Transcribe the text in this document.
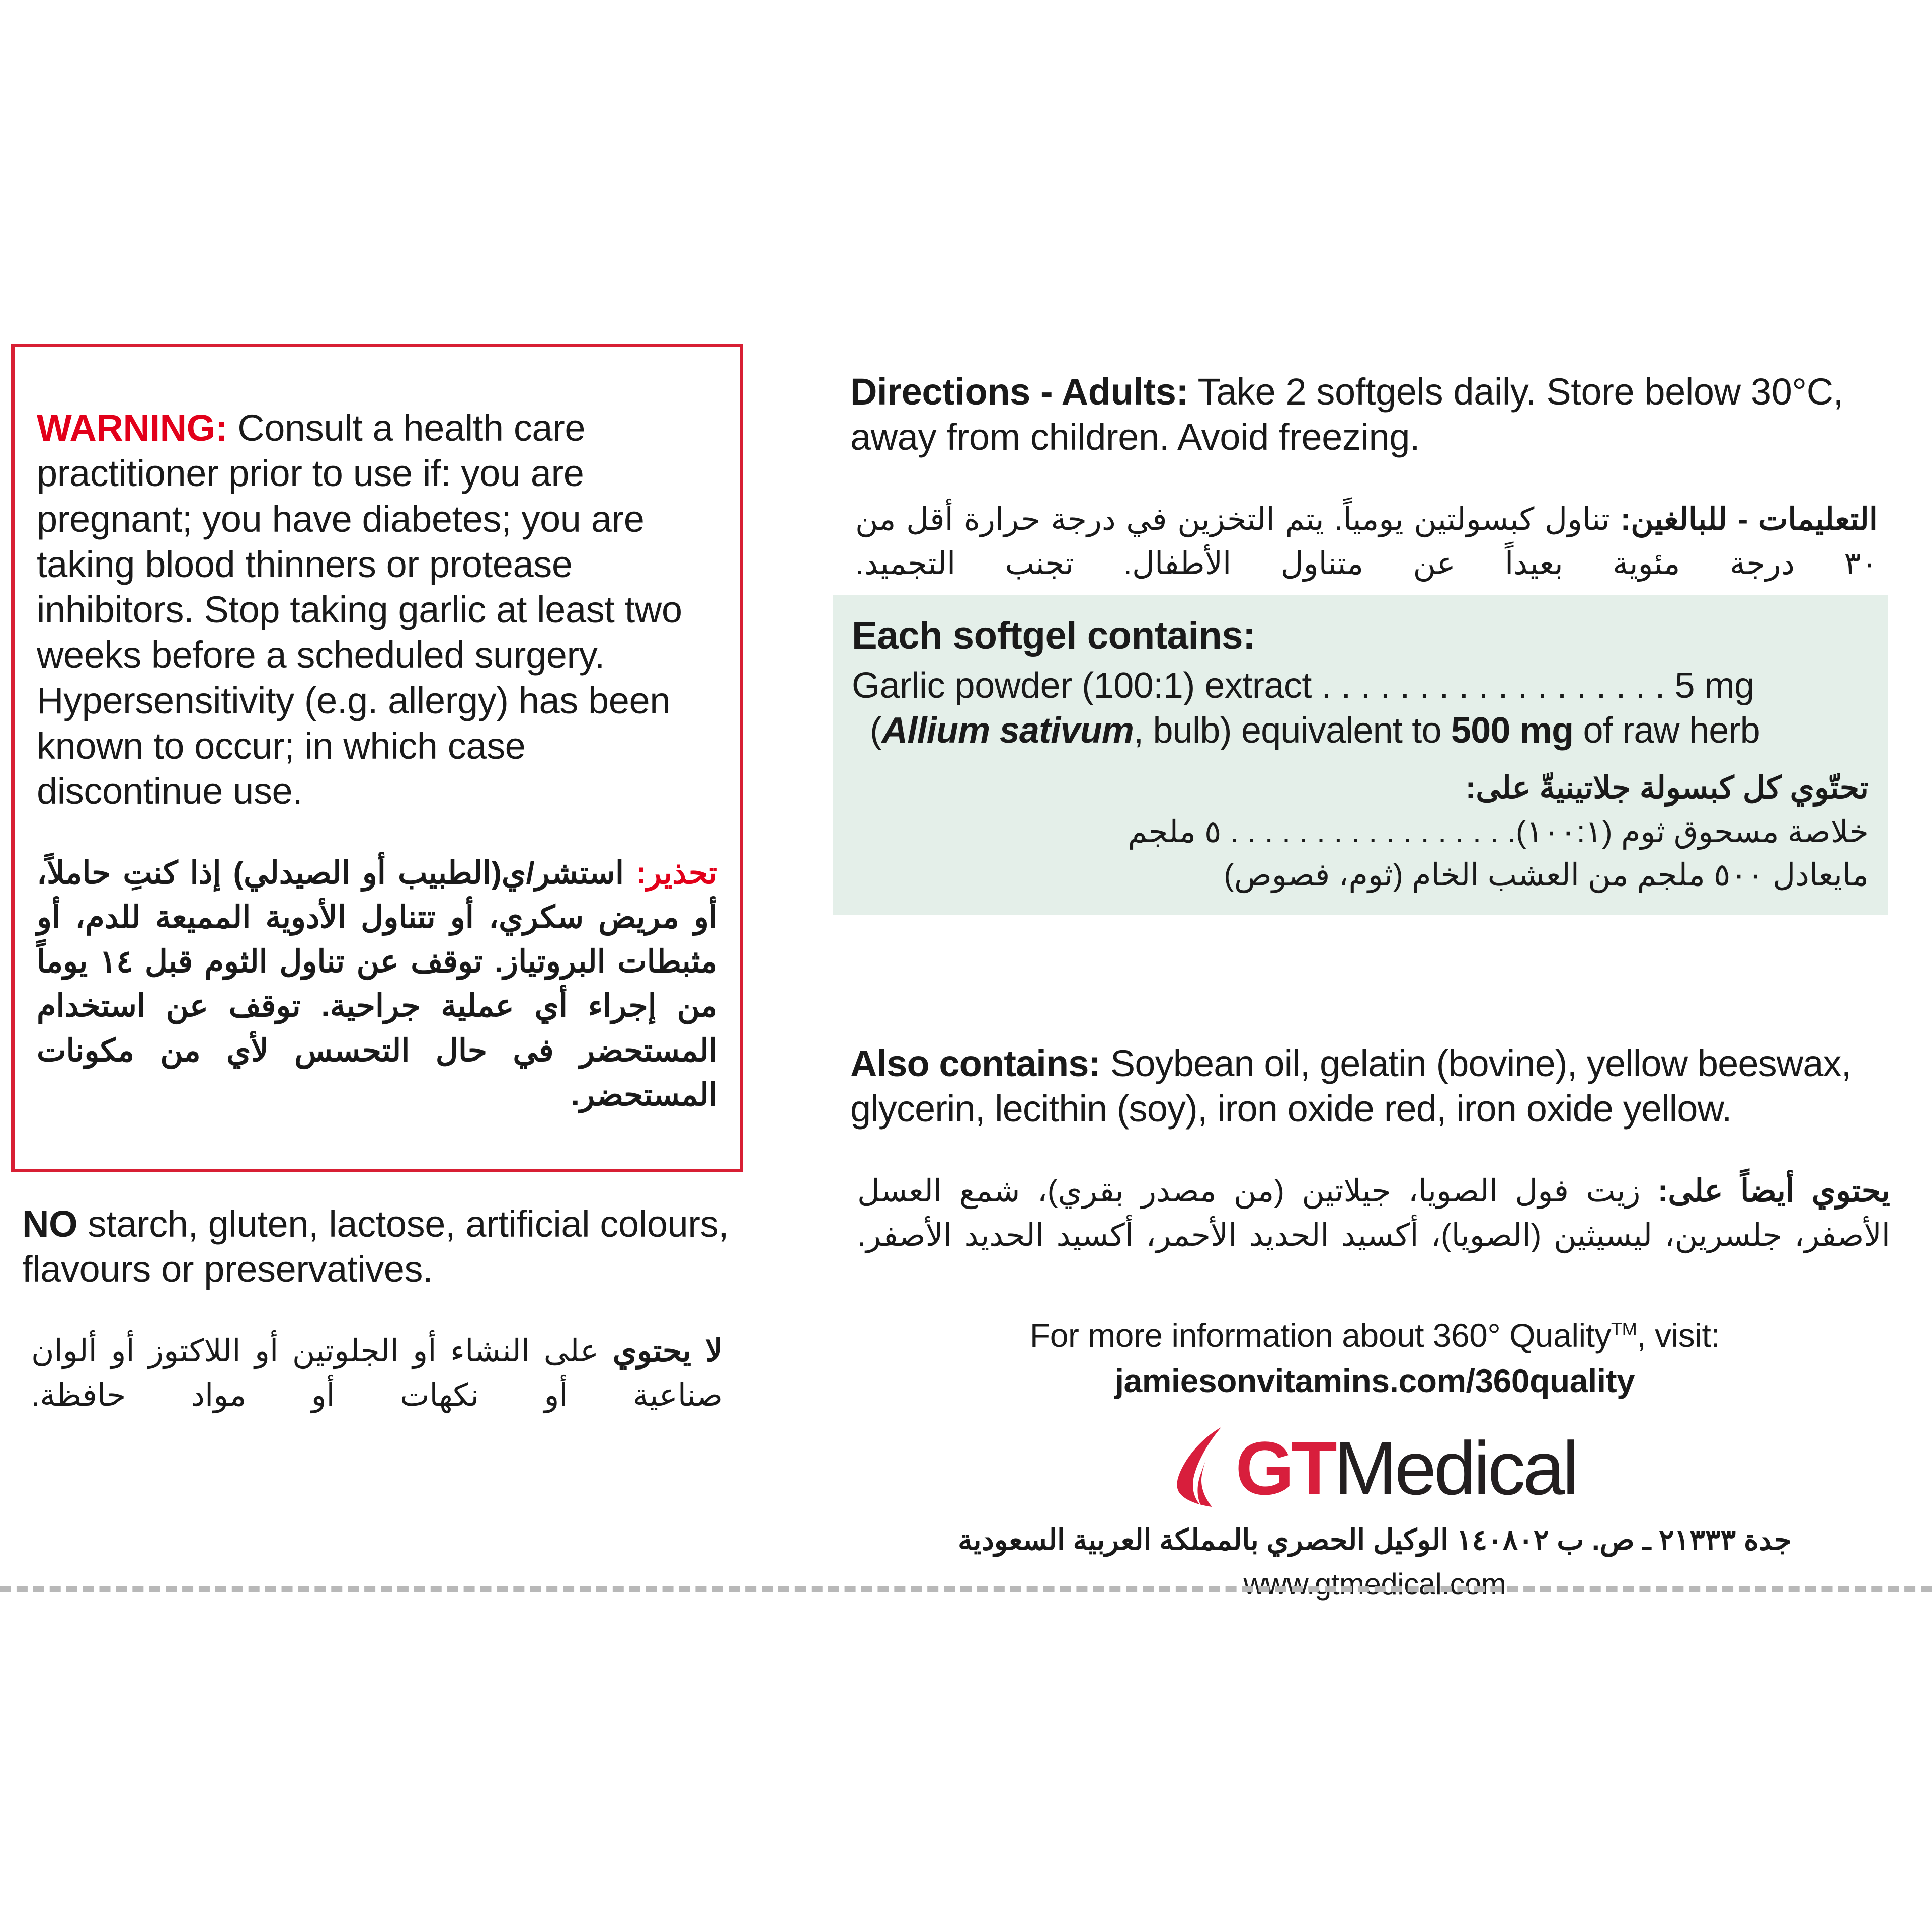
WARNING: Consult a health care practitioner prior to use if: you are pregnant; you have diabetes; you are taking blood thinners or protease inhibitors. Stop taking garlic at least two weeks before a scheduled surgery. Hypersensitivity (e.g. allergy) has been known to occur; in which case discontinue use.

تحذير: استشر/ي(الطبيب أو الصيدلي) إذا كنتِ حاملاً، أو مريض سكري، أو تتناول الأدوية المميعة للدم، أو مثبطات البروتياز. توقف عن تناول الثوم قبل ١٤ يوماً من إجراء أي عملية جراحية. توقف عن استخدام المستحضر في حال التحسس لأي من مكونات المستحضر.

NO starch, gluten, lactose, artificial colours, flavours or preservatives.

لا يحتوي على النشاء أو الجلوتين أو اللاكتوز أو ألوان صناعية أو نكهات أو مواد حافظة.

Directions - Adults: Take 2 softgels daily. Store below 30°C, away from children. Avoid freezing.

التعليمات - للبالغين: تناول كبسولتين يومياً. يتم التخزين في درجة حرارة أقل من ٣٠ درجة مئوية بعيداً عن متناول الأطفال. تجنب التجميد.

Each softgel contains:
Garlic powder (100:1) extract . . . . . . . . . . . . . . . . . . 5 mg
(Allium sativum, bulb) equivalent to 500 mg of raw herb
تحتّوي كل كبسولة جلاتينيةّ على:
خلاصة مسحوق ثوم (١٠٠:١). . . . . . . . . . . . . . . . . ٥ ملجم
مايعادل ٥٠٠ ملجم من العشب الخام (ثوم، فصوص)

Also contains: Soybean oil, gelatin (bovine), yellow beeswax, glycerin, lecithin (soy), iron oxide red, iron oxide yellow.

يحتوي أيضاً على: زيت فول الصويا، جيلاتين (من مصدر بقري)، شمع العسل الأصفر، جلسرين، ليسيثين (الصويا)، أكسيد الحديد الأحمر، أكسيد الحديد الأصفر.

For more information about 360° Quality™, visit:
jamiesonvitamins.com/360quality
GT Medical
جدة ٢١٣٣٣ ـ ص. ب ١٤٠٨٠٢ الوكيل الحصري بالمملكة العربية السعودية
www.gtmedical.com
